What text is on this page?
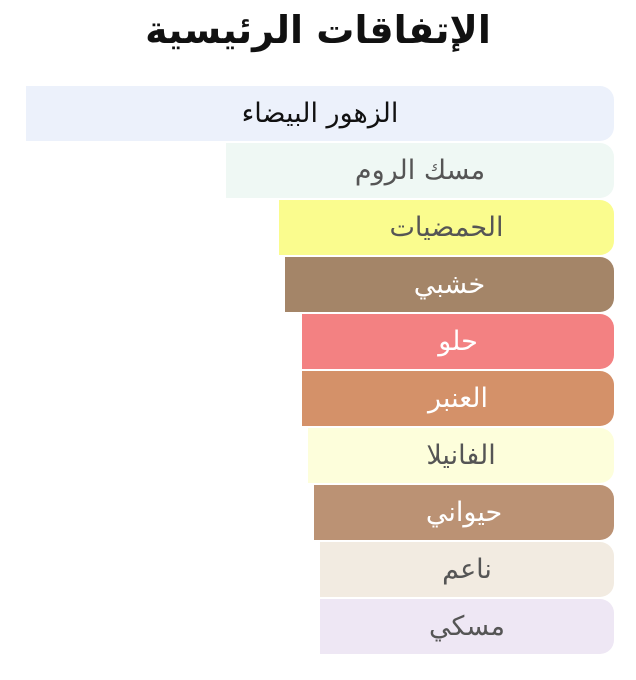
الإتفاقات الرئيسية
الزهور البيضاء
مسك الروم
الحمضيات
خشبي
حلو
العنبر
الفانيلا
حيواني
ناعم
مسكي
